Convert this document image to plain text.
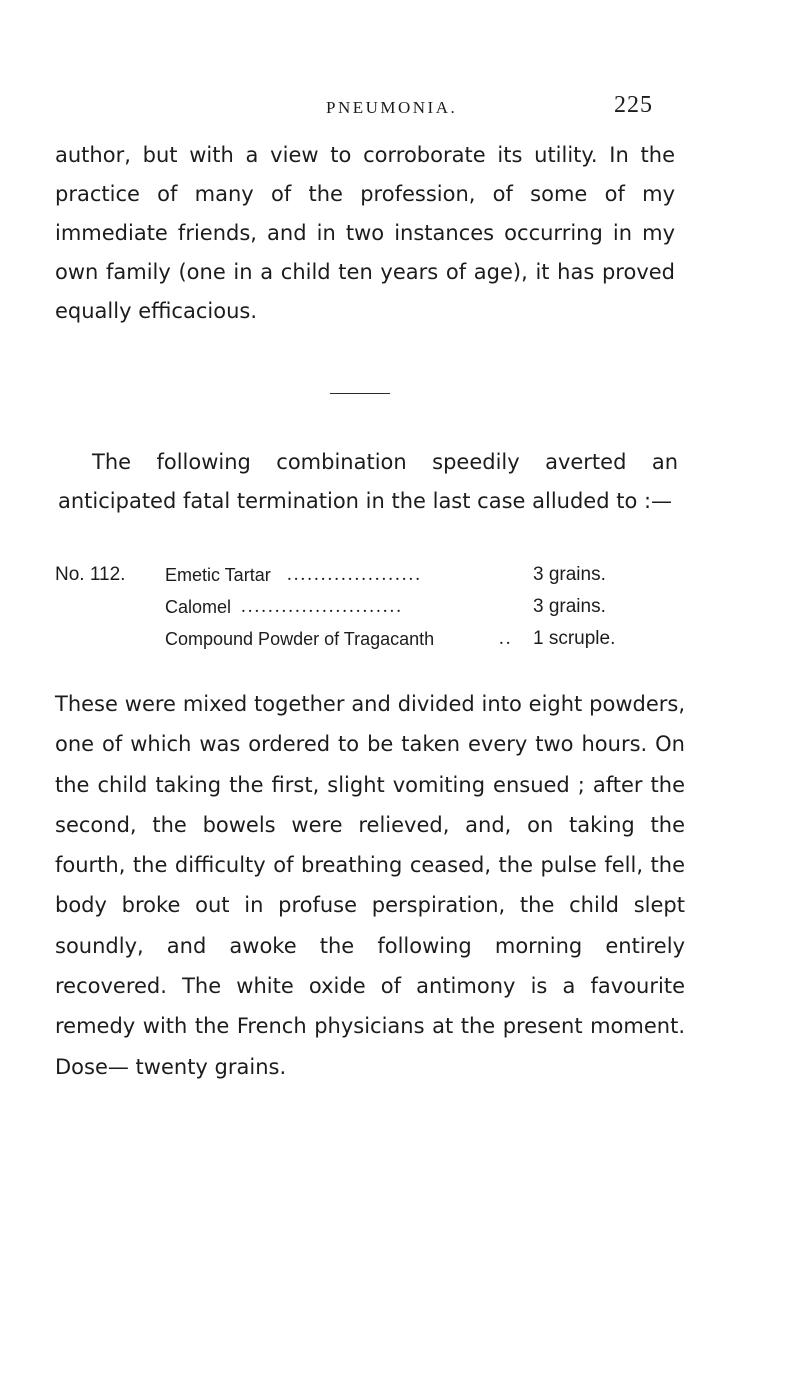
PNEUMONIA.	225

author, but with a view to corroborate its utility. In the practice of many of the profession, of some of my immediate friends, and in two instances occurring in my own family (one in a child ten years of age), it has proved equally efficacious.

The following combination speedily averted an anticipated fatal termination in the last case alluded to :—

No. 112. Emetic Tartar ....................	3 grains.
Calomel ........................	3 grains.
Compound Powder of Tragacanth	.. 1 scruple.

These were mixed together and divided into eight powders, one of which was ordered to be taken every two hours. On the child taking the first, slight vomiting ensued ; after the second, the bowels were relieved, and, on taking the fourth, the difficulty of breathing ceased, the pulse fell, the body broke out in profuse perspiration, the child slept soundly, and awoke the following morning entirely recovered. The white oxide of antimony is a favourite remedy with the French physicians at the present moment. Dose— twenty grains.
